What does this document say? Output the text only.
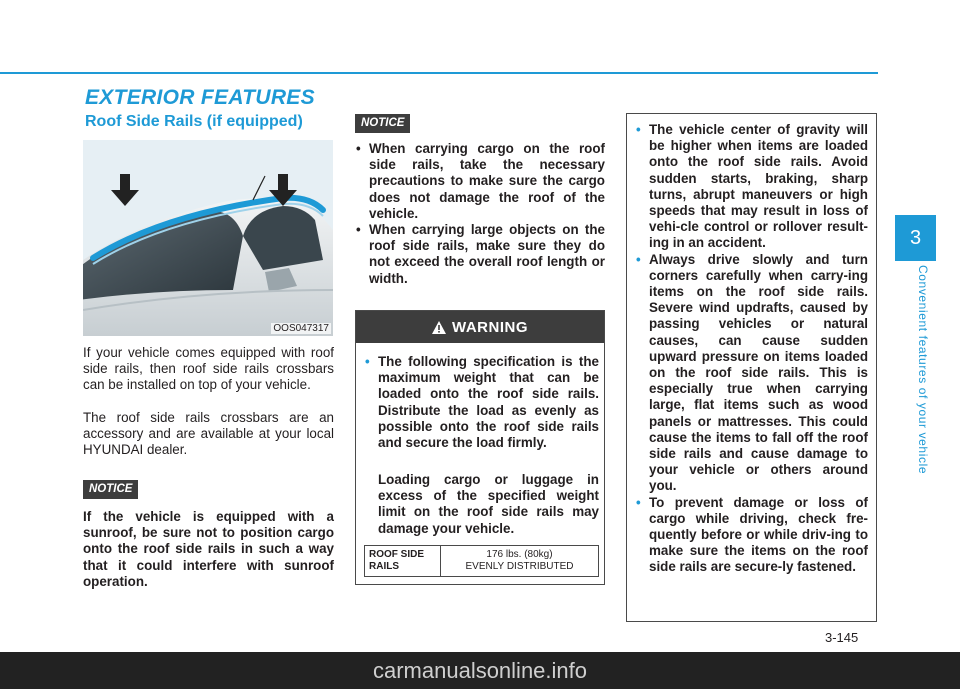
EXTERIOR FEATURES
Roof Side Rails (if equipped)
OOS047317

If your vehicle comes equipped with roof side rails, then roof side rails crossbars can be installed on top of your vehicle.

The roof side rails crossbars are an accessory and are available at your local HYUNDAI dealer.

NOTICE

If the vehicle is equipped with a sunroof, be sure not to position cargo onto the roof side rails in such a way that it could interfere with sunroof operation.

NOTICE
• When carrying cargo on the roof side rails, take the necessary precautions to make sure the cargo does not damage the roof of the vehicle.
• When carrying large objects on the roof side rails, make sure they do not exceed the overall roof length or width.
WARNING
• The following specification is the maximum weight that can be loaded onto the roof side rails. Distribute the load as evenly as possible onto the roof side rails and secure the load firmly.

Loading cargo or luggage in excess of the specified weight limit on the roof side rails may damage your vehicle.

ROOF SIDE RAILS
176 lbs. (80kg)
EVENLY DISTRIBUTED
• The vehicle center of gravity will be higher when items are loaded onto the roof side rails. Avoid sudden starts, braking, sharp turns, abrupt maneuvers or high speeds that may result in loss of vehi-cle control or rollover result-ing in an accident.
• Always drive slowly and turn corners carefully when carry-ing items on the roof side rails. Severe wind updrafts, caused by passing vehicles or natural causes, can cause sudden upward pressure on items loaded on the roof side rails. This is especially true when carrying large, flat items such as wood panels or mattresses. This could cause the items to fall off the roof side rails and cause damage to your vehicle or others around you.
• To prevent damage or loss of cargo while driving, check fre-quently before or while driv-ing to make sure the items on the roof side rails are secure-ly fastened.
3
Convenient features of your vehicle
3-145
carmanualsonline.info
